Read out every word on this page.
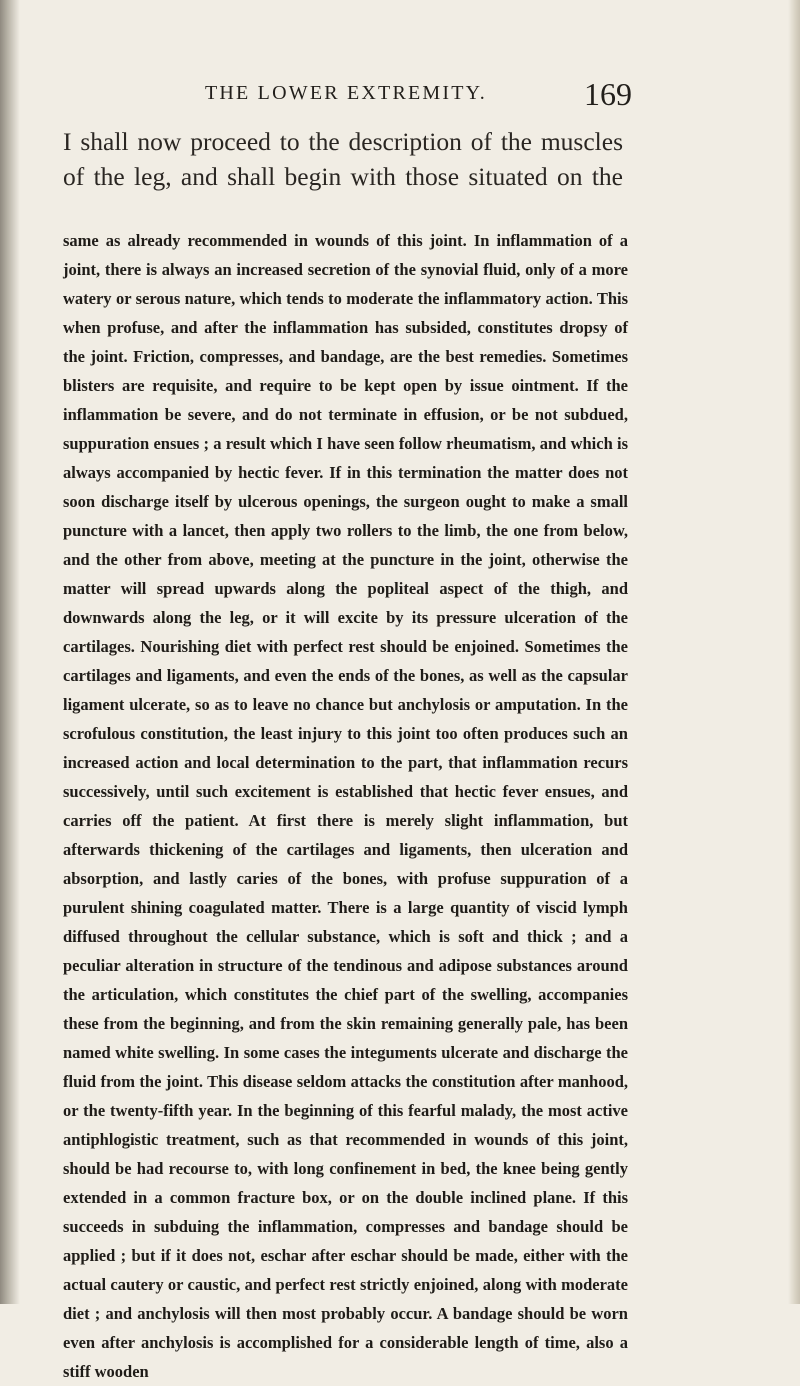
THE LOWER EXTREMITY.	169

I shall now proceed to the description of the muscles of the leg, and shall begin with those situated on the

same as already recommended in wounds of this joint. In inflammation of a joint, there is always an increased secretion of the synovial fluid, only of a more watery or serous nature, which tends to moderate the inflammatory action. This when profuse, and after the inflammation has subsided, constitutes dropsy of the joint. Friction, compresses, and bandage, are the best remedies. Sometimes blisters are requisite, and require to be kept open by issue ointment. If the inflammation be severe, and do not terminate in effusion, or be not subdued, suppuration ensues ; a result which I have seen follow rheumatism, and which is always accompanied by hectic fever. If in this termination the matter does not soon discharge itself by ulcerous openings, the surgeon ought to make a small puncture with a lancet, then apply two rollers to the limb, the one from below, and the other from above, meeting at the puncture in the joint, otherwise the matter will spread upwards along the popliteal aspect of the thigh, and downwards along the leg, or it will excite by its pressure ulceration of the cartilages. Nourishing diet with perfect rest should be enjoined. Sometimes the cartilages and ligaments, and even the ends of the bones, as well as the capsular ligament ulcerate, so as to leave no chance but anchylosis or amputation. In the scrofulous constitution, the least injury to this joint too often produces such an increased action and local determination to the part, that inflammation recurs successively, until such excitement is established that hectic fever ensues, and carries off the patient. At first there is merely slight inflammation, but afterwards thickening of the cartilages and ligaments, then ulceration and absorption, and lastly caries of the bones, with profuse suppuration of a purulent shining coagulated matter. There is a large quantity of viscid lymph diffused throughout the cellular substance, which is soft and thick ; and a peculiar alteration in structure of the tendinous and adipose substances around the articulation, which constitutes the chief part of the swelling, accompanies these from the beginning, and from the skin remaining generally pale, has been named white swelling. In some cases the integuments ulcerate and discharge the fluid from the joint. This disease seldom attacks the constitution after manhood, or the twenty-fifth year. In the beginning of this fearful malady, the most active antiphlogistic treatment, such as that recommended in wounds of this joint, should be had recourse to, with long confinement in bed, the knee being gently extended in a common fracture box, or on the double inclined plane. If this succeeds in subduing the inflammation, compresses and bandage should be applied ; but if it does not, eschar after eschar should be made, either with the actual cautery or caustic, and perfect rest strictly enjoined, along with moderate diet ; and anchylosis will then most probably occur. A bandage should be worn even after anchylosis is accomplished for a considerable length of time, also a stiff wooden
